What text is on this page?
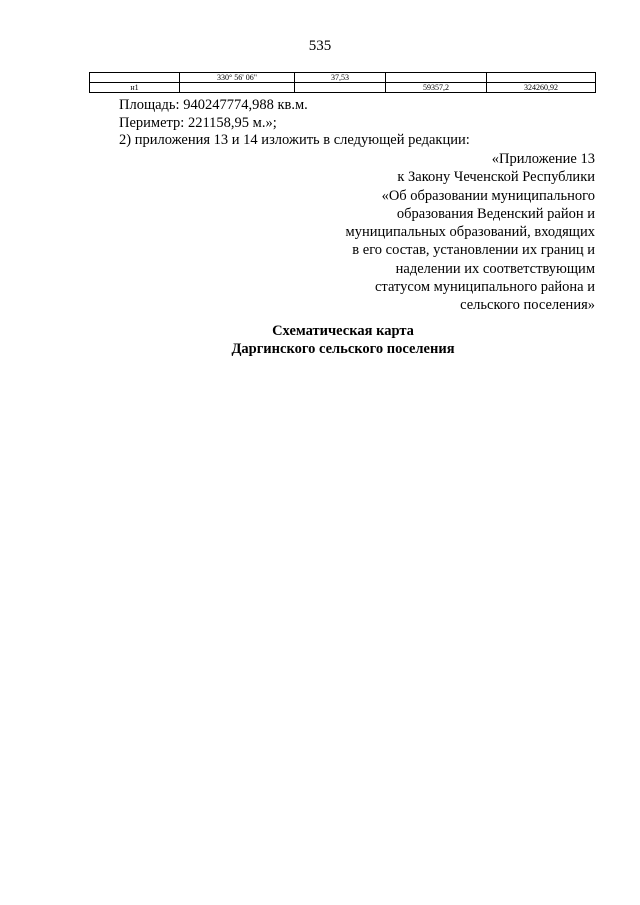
535
	330° 56' 06"	37,53		
н1			59357,2	324260,92
Площадь: 940247774,988 кв.м.
Периметр: 221158,95 м.»;
2) приложения 13 и 14 изложить в следующей редакции:
«Приложение 13
к Закону Чеченской Республики
«Об образовании муниципального
образования Веденский район и
муниципальных образований, входящих
в его состав, установлении их границ и
наделении их соответствующим
статусом муниципального района и
сельского поселения»
Схематическая карта
Даргинского сельского поселения
